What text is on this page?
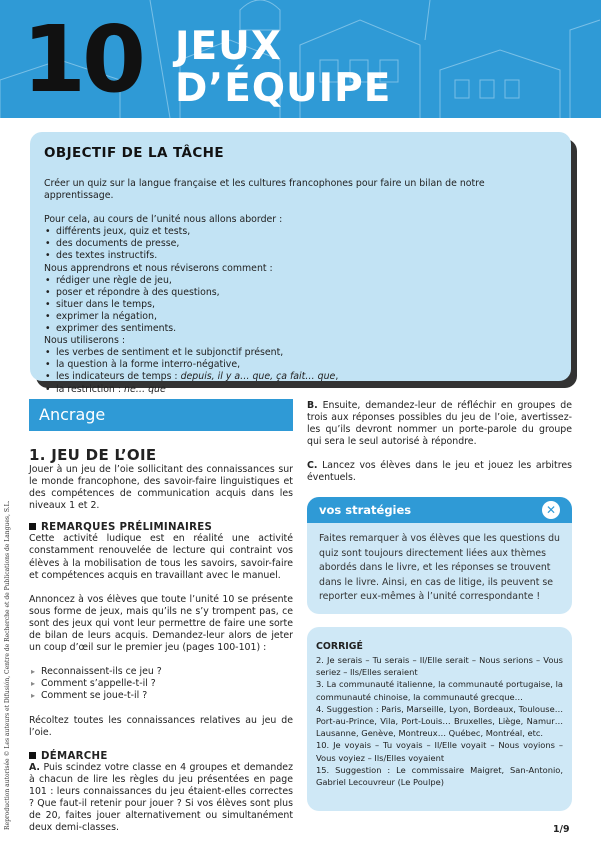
10 JEUX
D’ÉQUIPE
OBJECTIF DE LA TÂCHE

Créer un quiz sur la langue française et les cultures francophones pour faire un bilan de notre apprentissage.

Pour cela, au cours de l’unité nous allons aborder :

• différents jeux, quiz et tests,
• des documents de presse,
• des textes instructifs.

Nous apprendrons et nous réviserons comment :

• rédiger une règle de jeu,
• poser et répondre à des questions,
• situer dans le temps,
• exprimer la négation,
• exprimer des sentiments.

Nous utiliserons :

• les verbes de sentiment et le subjonctif présent,
• la question à la forme interro-négative,
• les indicateurs de temps : depuis, il y a… que, ça fait… que,
• la restriction : ne… que
Reproduction autorisée © Les auteurs et Difusión, Centre de Recherche et de Publications de Langues, S.L.
Ancrage
1. JEU DE L’OIE

Jouer à un jeu de l’oie sollicitant des connaissances sur le monde francophone, des savoir-faire linguistiques et des compétences de communication acquis dans les niveaux 1 et 2.

REMARQUES PRÉLIMINAIRES

Cette activité ludique est en réalité une activité constamment renouvelée de lecture qui contraint vos élèves à la mobilisation de tous les savoirs, savoir-faire et compétences acquis en travaillant avec le manuel.

Annoncez à vos élèves que toute l’unité 10 se présente sous forme de jeux, mais qu’ils ne s’y trompent pas, ce sont des jeux qui vont leur permettre de faire une sorte de bilan de leurs acquis. Demandez-leur alors de jeter un coup d’œil sur le premier jeu (pages 100-101) :

▸ Reconnaissent-ils ce jeu ?
▸ Comment s’appelle-t-il ?
▸ Comment se joue-t-il ?

Récoltez toutes les connaissances relatives au jeu de l’oie.

DÉMARCHE

A. Puis scindez votre classe en 4 groupes et demandez à chacun de lire les règles du jeu présentées en page 101 : leurs connaissances du jeu étaient-elles correctes ? Que faut-il retenir pour jouer ? Si vos élèves sont plus de 20, faites jouer alternativement ou simultanément deux demi-classes.

B. Ensuite, demandez-leur de réfléchir en groupes de trois aux réponses possibles du jeu de l’oie, avertissez-les qu’ils devront nommer un porte-parole du groupe qui sera le seul autorisé à répondre.

C. Lancez vos élèves dans le jeu et jouez les arbitres éventuels.

vos stratégies	✕
Faites remarquer à vos élèves que les questions du quiz sont toujours directement liées aux thèmes abordés dans le livre, et les réponses se trouvent dans le livre. Ainsi, en cas de litige, ils peuvent se reporter eux-mêmes à l’unité correspondante !
CORRIGÉ

2. Je serais – Tu serais – Il/Elle serait – Nous serions – Vous seriez – Ils/Elles seraient

3. La communauté italienne, la communauté portugaise, la communauté chinoise, la communauté grecque…

4. Suggestion : Paris, Marseille, Lyon, Bordeaux, Toulouse… Port-au-Prince, Vila, Port-Louis… Bruxelles, Liège, Namur… Lausanne, Genève, Montreux… Québec, Montréal, etc.

10. Je voyais – Tu voyais – Il/Elle voyait – Nous voyions – Vous voyiez – Ils/Elles voyaient

15. Suggestion : Le commissaire Maigret, San-Antonio, Gabriel Lecouvreur (Le Poulpe)

1/9
